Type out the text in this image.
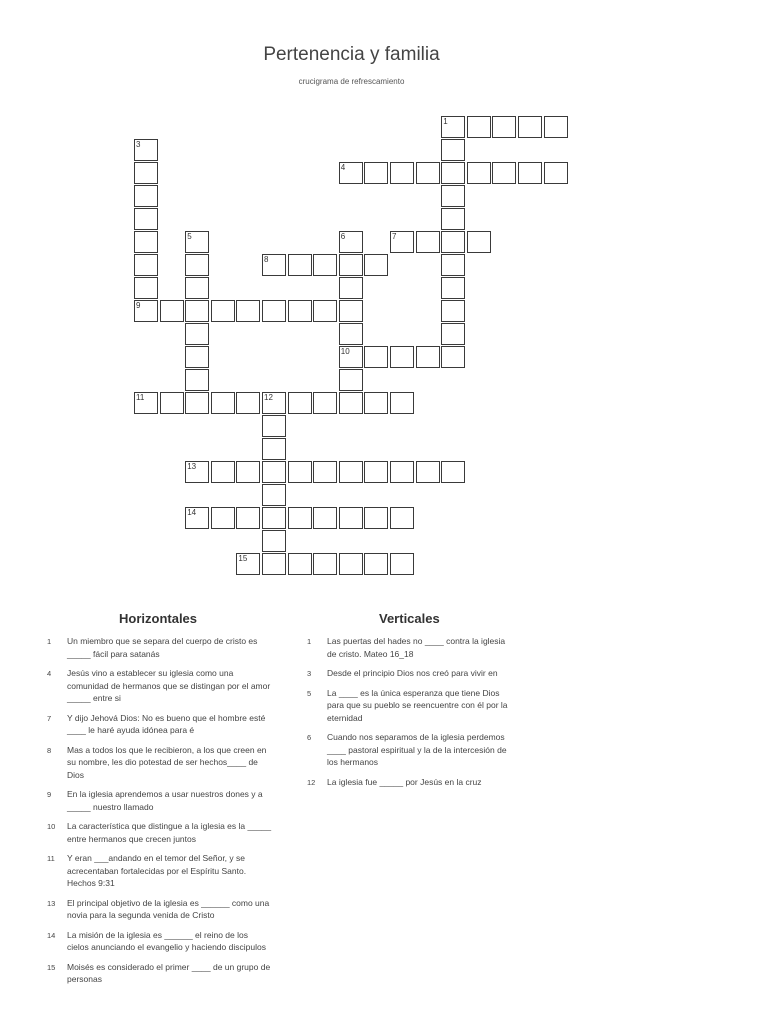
Pertenencia y familia
crucigrama de refrescamiento
1
4
7
8
9
10
11	12
13
14
15
3
5	6
Horizontales	Verticales
1	Un miembro que se separa del cuerpo de cristo es _____ fácil para satanás
4	Jesús vino a establecer su iglesia como una comunidad de hermanos que se distingan por el amor _____ entre si
7	Y dijo Jehová Dios: No es bueno que el hombre esté ____ le haré ayuda idónea para é
8	Mas a todos los que le recibieron, a los que creen en su nombre, les dio potestad de ser hechos____ de Dios
9	En la iglesia aprendemos a usar nuestros dones y a _____ nuestro llamado
10	La característica que distingue a la iglesia es la _____ entre hermanos que crecen juntos
11	Y eran ___andando en el temor del Señor, y se acrecentaban fortalecidas por el Espíritu Santo. Hechos 9:31
13	El principal objetivo de la iglesia es ______ como una novia para la segunda venida de Cristo
14	La misión de la iglesia es ______ el reino de los cielos anunciando el evangelio y haciendo discipulos
15	Moisés es considerado el primer ____ de un grupo de personas
1	Las puertas del hades no ____ contra la iglesia de cristo. Mateo 16_18
3	Desde el principio Dios nos creó para vivir en
5	La ____ es la única esperanza que tiene Dios para que su pueblo se reencuentre con él por la eternidad
6	Cuando nos separamos de la iglesia perdemos ____ pastoral espiritual y la de la intercesión de los hermanos
12	La iglesia fue _____ por Jesús en la cruz
